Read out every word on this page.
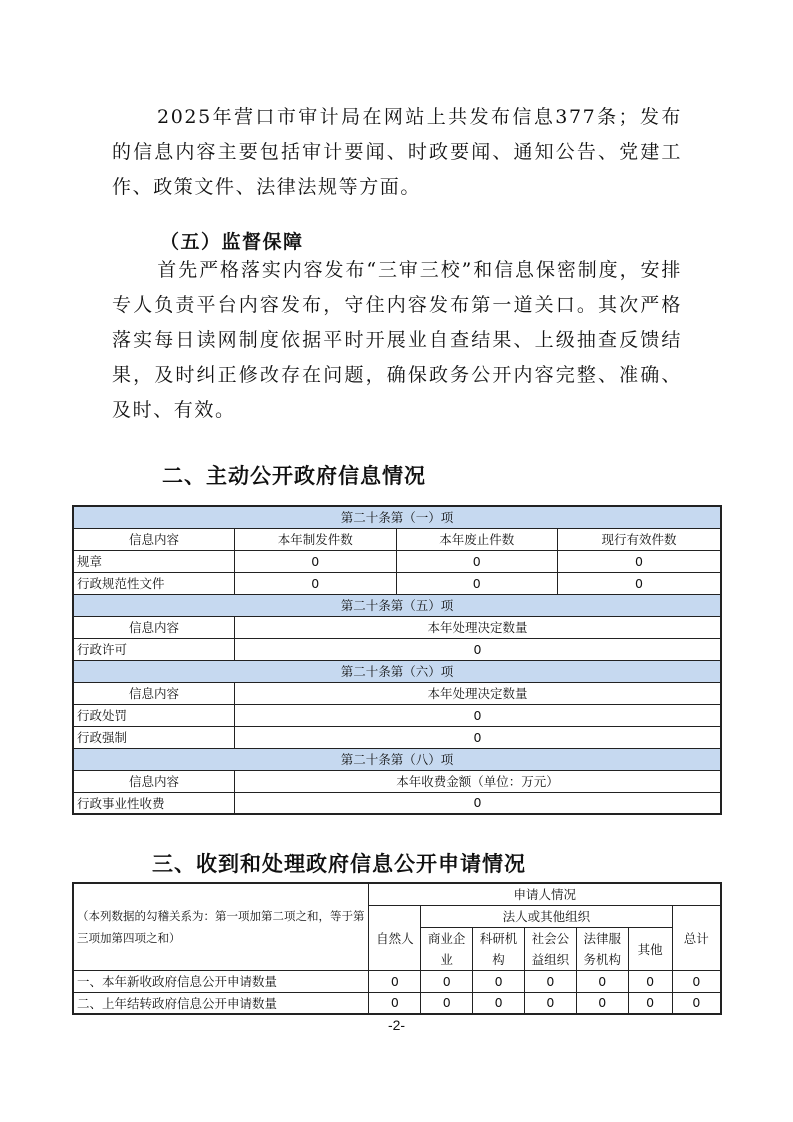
2025年营口市审计局在网站上共发布信息377条；发布的信息内容主要包括审计要闻、时政要闻、通知公告、党建工作、政策文件、法律法规等方面。
（五）监督保障
首先严格落实内容发布“三审三校”和信息保密制度，安排专人负责平台内容发布，守住内容发布第一道关口。其次严格落实每日读网制度依据平时开展业自查结果、上级抽查反馈结果，及时纠正修改存在问题，确保政务公开内容完整、准确、及时、有效。
二、主动公开政府信息情况
第二十条第（一）项			
信息内容	本年制发件数	本年废止件数	现行有效件数
规章	0	0	0
行政规范性文件	0	0	0
第二十条第（五）项			
信息内容	本年处理决定数量		
行政许可	0		
第二十条第（六）项			
信息内容	本年处理决定数量		
行政处罚	0		
行政强制	0		
第二十条第（八）项			
信息内容	本年收费金额（单位：万元）		
行政事业性收费	0		
三、收到和处理政府信息公开申请情况
（本列数据的勾稽关系为：第一项加第二项之和，等于第三项加第四项之和）	申请人情况						
	自然人	法人或其他组织					总计
		商业企业	科研机构	社会公益组织	法律服务机构	其他	

一、本年新收政府信息公开申请数量	0	0	0	0	0	0	0
二、上年结转政府信息公开申请数量	0	0	0	0	0	0	0
-2-
